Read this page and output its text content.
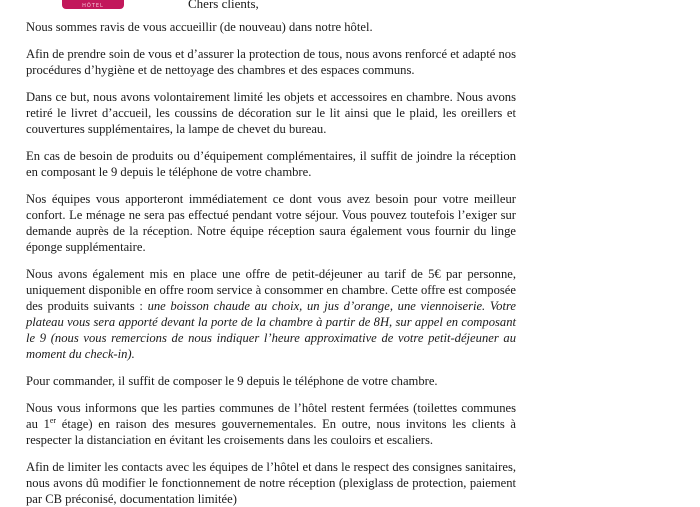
HÔTEL	Chers clients,

Nous sommes ravis de vous accueillir (de nouveau) dans notre hôtel.

Afin de prendre soin de vous et d’assurer la protection de tous, nous avons renforcé et adapté nos procédures d’hygiène et de nettoyage des chambres et des espaces communs.

Dans ce but, nous avons volontairement limité les objets et accessoires en chambre. Nous avons retiré le livret d’accueil, les coussins de décoration sur le lit ainsi que le plaid, les oreillers et couvertures supplémentaires, la lampe de chevet du bureau.

En cas de besoin de produits ou d’équipement complémentaires, il suffit de joindre la réception en composant le 9 depuis le téléphone de votre chambre.

Nos équipes vous apporteront immédiatement ce dont vous avez besoin pour votre meilleur confort. Le ménage ne sera pas effectué pendant votre séjour. Vous pouvez toutefois l’exiger sur demande auprès de la réception. Notre équipe réception saura également vous fournir du linge éponge supplémentaire.

Nous avons également mis en place une offre de petit-déjeuner au tarif de 5€ par personne, uniquement disponible en offre room service à consommer en chambre. Cette offre est composée des produits suivants : une boisson chaude au choix, un jus d’orange, une viennoiserie. Votre plateau vous sera apporté devant la porte de la chambre à partir de 8H, sur appel en composant le 9 (nous vous remercions de nous indiquer l’heure approximative de votre petit-déjeuner au moment du check-in).

Pour commander, il suffit de composer le 9 depuis le téléphone de votre chambre.

Nous vous informons que les parties communes de l’hôtel restent fermées (toilettes communes au 1er étage) en raison des mesures gouvernementales. En outre, nous invitons les clients à respecter la distanciation en évitant les croisements dans les couloirs et escaliers.

Afin de limiter les contacts avec les équipes de l’hôtel et dans le respect des consignes sanitaires, nous avons dû modifier le fonctionnement de notre réception (plexiglass de protection, paiement par CB préconisé, documentation limitée)
